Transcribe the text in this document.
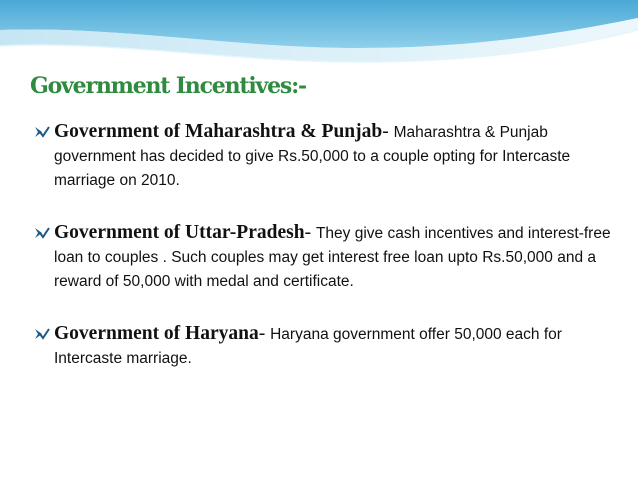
Government Incentives:-
Government of Maharashtra & Punjab- Maharashtra & Punjab government has decided to give Rs.50,000 to a couple opting for Intercaste marriage on 2010.
Government of Uttar-Pradesh- They give cash incentives and interest-free loan to couples . Such couples may get interest free loan upto Rs.50,000 and a reward of 50,000 with medal and certificate.
Government of Haryana- Haryana government offer 50,000 each for Intercaste marriage.
